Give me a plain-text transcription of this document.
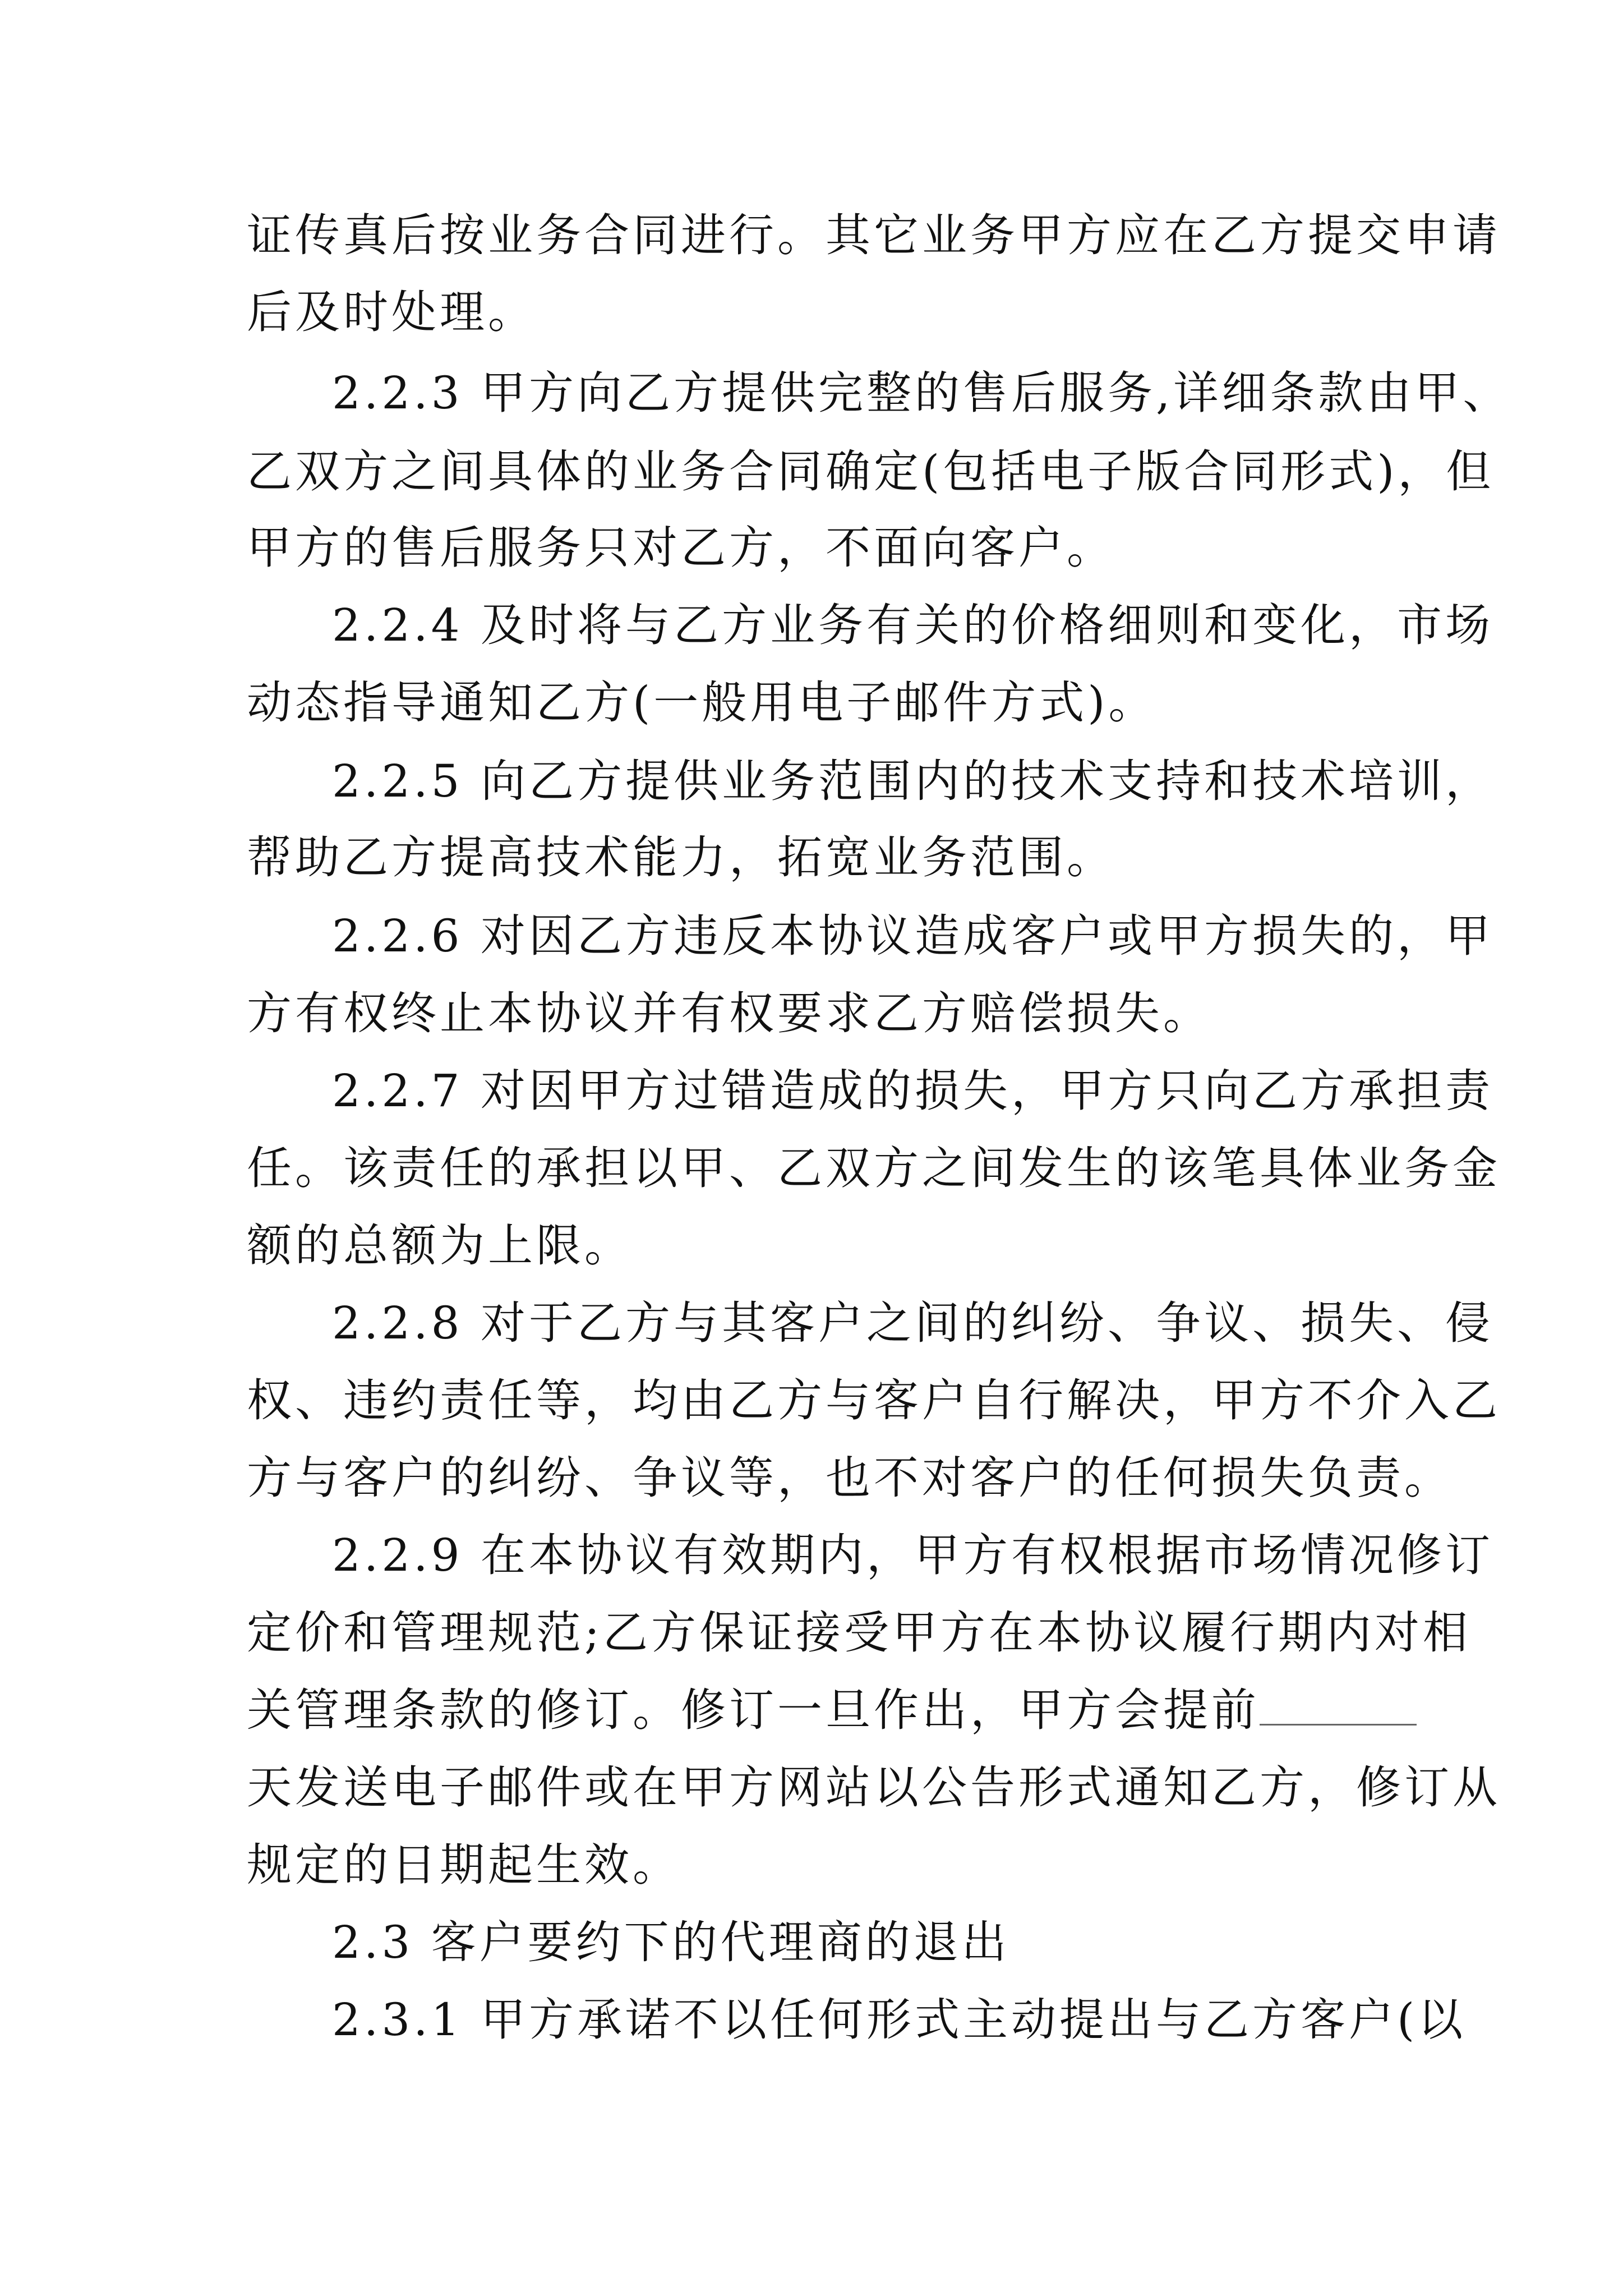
证传真后按业务合同进行。其它业务甲方应在乙方提交申请
后及时处理。
2.2.3 甲方向乙方提供完整的售后服务,详细条款由甲、
乙双方之间具体的业务合同确定(包括电子版合同形式)，但
甲方的售后服务只对乙方，不面向客户。
2.2.4 及时将与乙方业务有关的价格细则和变化，市场
动态指导通知乙方(一般用电子邮件方式)。
2.2.5 向乙方提供业务范围内的技术支持和技术培训，
帮助乙方提高技术能力，拓宽业务范围。
2.2.6 对因乙方违反本协议造成客户或甲方损失的，甲
方有权终止本协议并有权要求乙方赔偿损失。
2.2.7 对因甲方过错造成的损失，甲方只向乙方承担责
任。该责任的承担以甲、乙双方之间发生的该笔具体业务金
额的总额为上限。
2.2.8 对于乙方与其客户之间的纠纷、争议、损失、侵
权、违约责任等，均由乙方与客户自行解决，甲方不介入乙
方与客户的纠纷、争议等，也不对客户的任何损失负责。
2.2.9 在本协议有效期内，甲方有权根据市场情况修订
定价和管理规范;乙方保证接受甲方在本协议履行期内对相
关管理条款的修订。修订一旦作出，甲方会提前
天发送电子邮件或在甲方网站以公告形式通知乙方，修订从
规定的日期起生效。
2.3 客户要约下的代理商的退出
2.3.1 甲方承诺不以任何形式主动提出与乙方客户(以
